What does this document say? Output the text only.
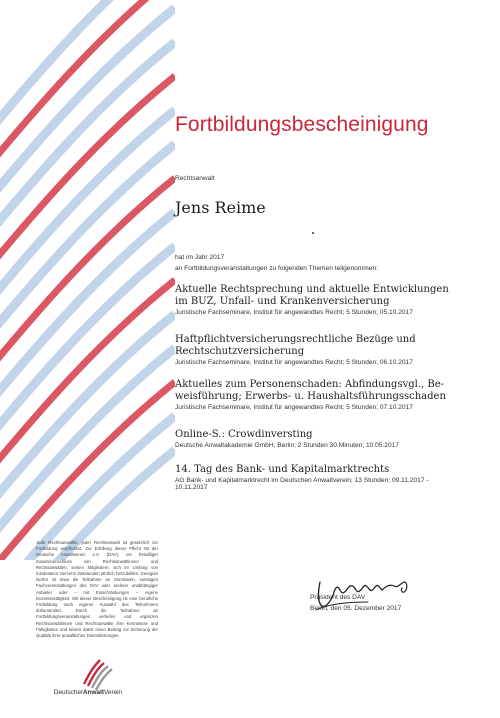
Fortbildungsbescheinigung
Rechtsanwalt
Jens Reime
hat im Jahr 2017
an Fortbildungsveranstaltungen zu folgenden Themen teilgenommen:
Aktuelle Rechtsprechung und aktuelle Entwicklungen
im BUZ, Unfall- und Krankenversicherung
Juristische Fachseminare, Institut für angewandtes Recht; 5 Stunden; 05.10.2017
Haftpflichtversicherungsrechtliche Bezüge und
Rechtschutzversicherung
Juristische Fachseminare, Institut für angewandtes Recht; 5 Stunden; 06.10.2017
Aktuelles zum Personenschaden: Abfindungsvgl., Be-
weisführung; Erwerbs- u. Haushaltsführungsschaden
Juristische Fachseminare, Institut für angewandtes Recht; 5 Stunden; 07.10.2017
Online-S.: Crowdinversting
Deutsche Anwaltakademie GmbH, Berlin; 2 Stunden 30 Minuten; 10.05.2017
14. Tag des Bank- und Kapitalmarktrechts
AG Bank- und Kapitalmarktrecht im Deutschen Anwaltverein; 13 Stunden; 09.11.2017 -
10.11.2017
Jede Rechtsanwältin, jeder Rechtsanwalt ist gesetzlich zur Fortbildung verpflichtet. Zur Erfüllung dieser Pflicht rät der Deutsche Anwaltverein e.V. (DAV), ein freiwilliger Zusammenschluss von Rechtsanwältinnen und Rechtsanwälten, seinen Mitgliedern, sich im Umfang von mindestens Vierzehn Zeitstunden jährlich fortzubilden. Geeignet hierfür ist etwa die Teilnahme an Seminaren, sonstigen Fachveranstaltungen des DAV oder anderer unabhängiger Anbieter oder – mit Einschränkungen – eigene Dozententätigkeit. Mit dieser Bescheinigung ist eine berufliche Fortbildung nach eigener Auswahl des Teilnehmers dokumentiert. Durch die Teilnahme an Fortbildungsveranstaltungen vertiefen und ergänzen Rechtsanwältinnen und Rechtsanwälte ihre Kenntnisse und Fähigkeiten und leisten damit einen Beitrag zur Sicherung der Qualität ihrer anwaltlichen Dienstleistungen.
Präsident des DAV
Berlin, den 05. Dezember 2017
DeutscherAnwaltVerein
